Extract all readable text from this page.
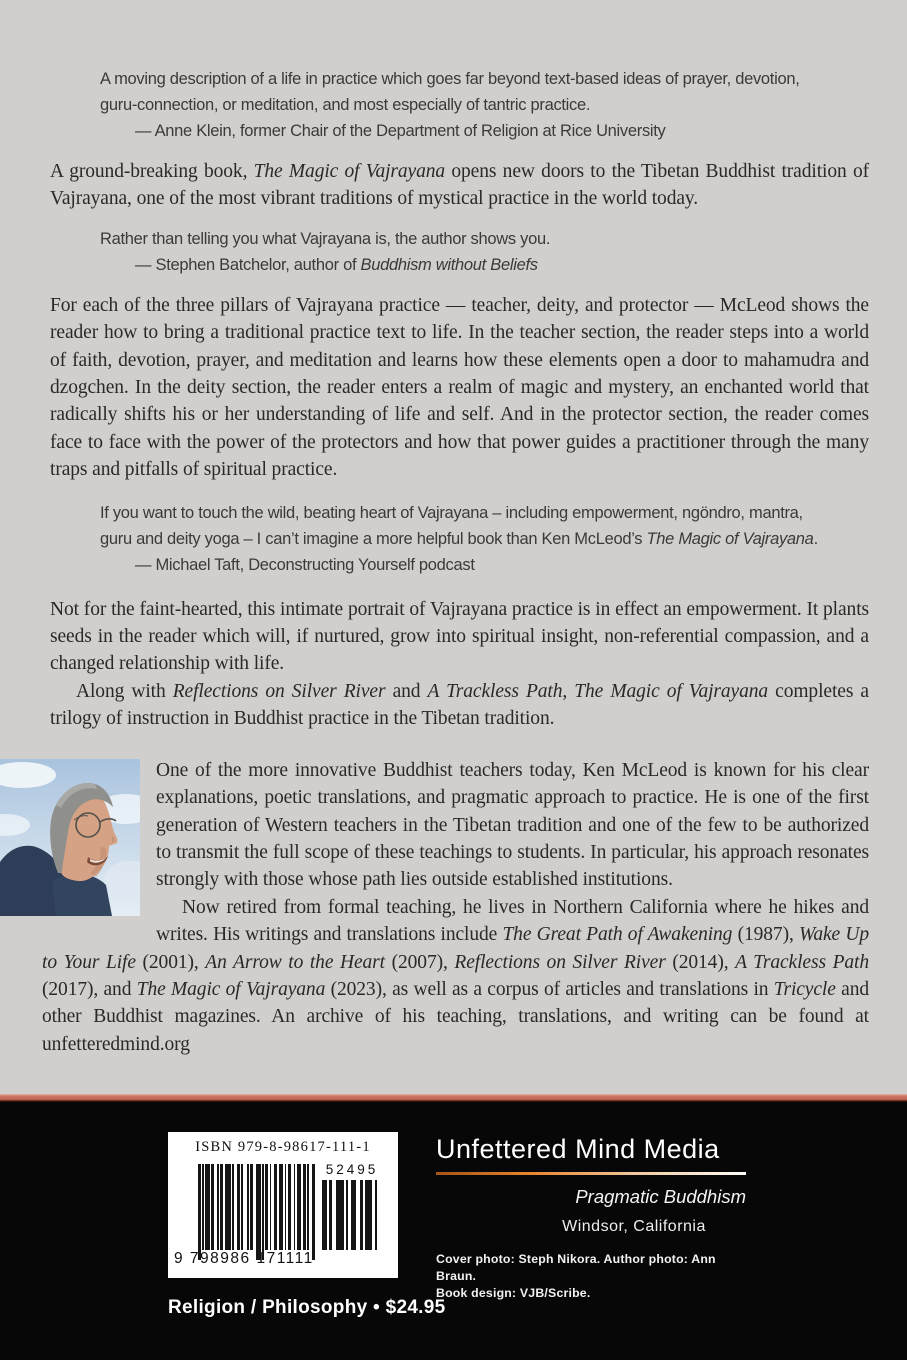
A moving description of a life in practice which goes far beyond text-based ideas of prayer, devotion, guru-connection, or meditation, and most especially of tantric practice.

— Anne Klein, former Chair of the Department of Religion at Rice University

A ground-breaking book, The Magic of Vajrayana opens new doors to the Tibetan Buddhist tradition of Vajrayana, one of the most vibrant traditions of mystical practice in the world today.

Rather than telling you what Vajrayana is, the author shows you.

— Stephen Batchelor, author of Buddhism without Beliefs

For each of the three pillars of Vajrayana practice — teacher, deity, and protector — McLeod shows the reader how to bring a traditional practice text to life. In the teacher section, the reader steps into a world of faith, devotion, prayer, and meditation and learns how these elements open a door to mahamudra and dzogchen. In the deity section, the reader enters a realm of magic and mystery, an enchanted world that radically shifts his or her understanding of life and self. And in the protector section, the reader comes face to face with the power of the protectors and how that power guides a practitioner through the many traps and pitfalls of spiritual practice.

If you want to touch the wild, beating heart of Vajrayana – including empowerment, ngöndro, mantra, guru and deity yoga – I can’t imagine a more helpful book than Ken McLeod’s The Magic of Vajrayana.

— Michael Taft, Deconstructing Yourself podcast

Not for the faint-hearted, this intimate portrait of Vajrayana practice is in effect an empowerment. It plants seeds in the reader which will, if nurtured, grow into spiritual insight, non-referential compassion, and a changed relationship with life.

Along with Reflections on Silver River and A Trackless Path, The Magic of Vajrayana completes a trilogy of instruction in Buddhist practice in the Tibetan tradition.

One of the more innovative Buddhist teachers today, Ken McLeod is known for his clear explanations, poetic translations, and pragmatic approach to practice. He is one of the first generation of Western teachers in the Tibetan tradition and one of the few to be authorized to transmit the full scope of these teachings to students. In particular, his approach resonates strongly with those whose path lies outside established institutions.

Now retired from formal teaching, he lives in Northern California where he hikes and writes. His writings and translations include The Great Path of Awakening (1987), Wake Up to Your Life (2001), An Arrow to the Heart (2007), Reflections on Silver River (2014), A Trackless Path (2017), and The Magic of Vajrayana (2023), as well as a corpus of articles and translations in Tricycle and other Buddhist magazines. An archive of his teaching, translations, and writing can be found at unfetteredmind.org

ISBN 979-8-98617-111-1
52495
9 798986 171111
Unfettered Mind Media
Pragmatic Buddhism
Windsor, California
Cover photo: Steph Nikora. Author photo: Ann Braun.
Book design: VJB/Scribe.
Religion / Philosophy • $24.95
